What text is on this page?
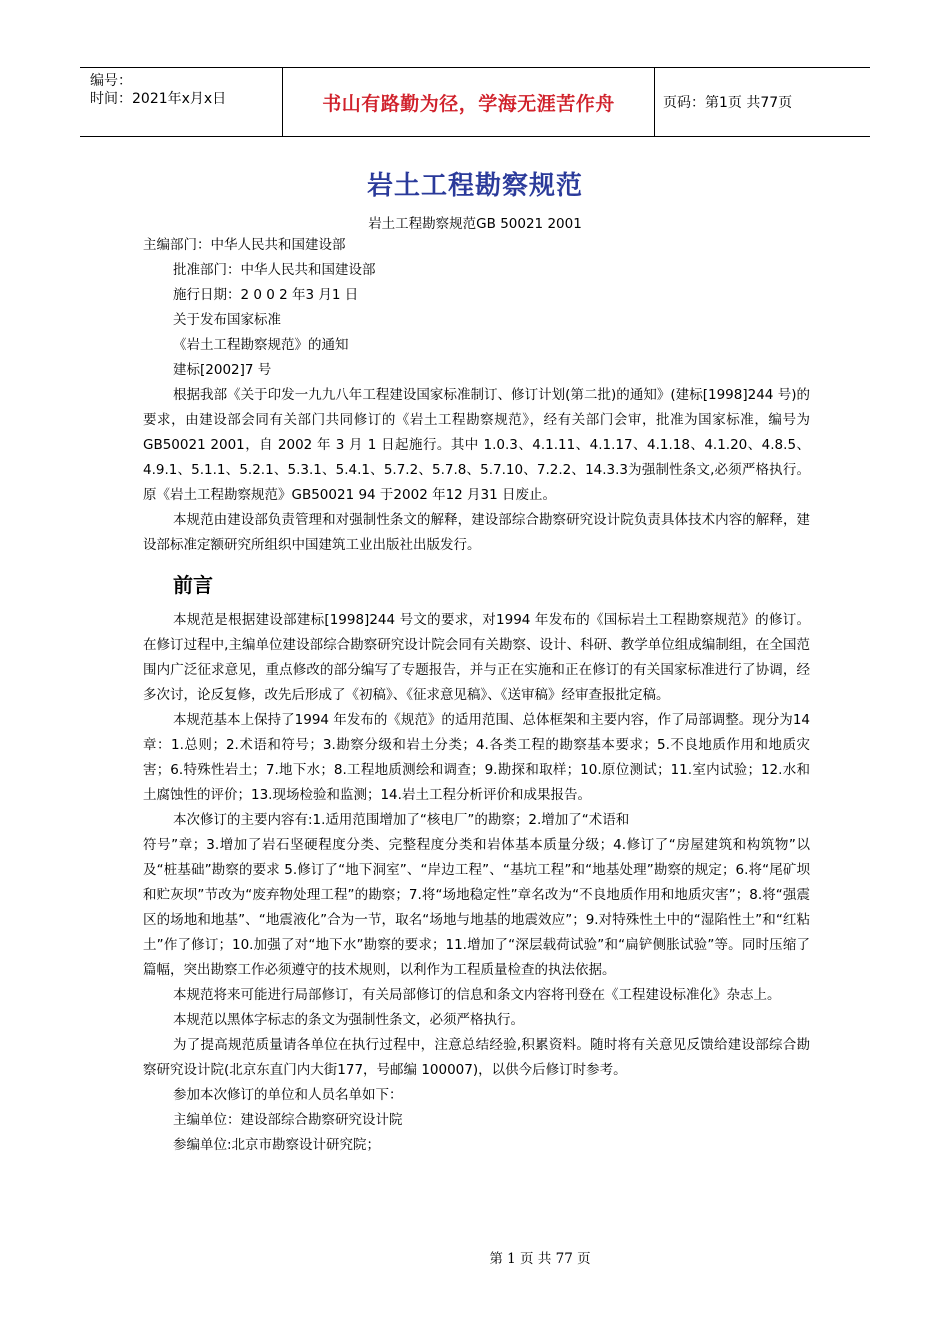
编号：
时间：2021年x月x日	书山有路勤为径，学海无涯苦作舟	页码：第1页 共77页
岩土工程勘察规范
岩土工程勘察规范GB 50021 2001
主编部门：中华人民共和国建设部
批准部门：中华人民共和国建设部
施行日期：2 0 0 2 年3 月1 日
关于发布国家标准
《岩土工程勘察规范》的通知
建标[2002]7 号

根据我部《关于印发一九九八年工程建设国家标准制订、修订计划(第二批)的通知》(建标[1998]244 号)的要求，由建设部会同有关部门共同修订的《岩土工程勘察规范》，经有关部门会审，批准为国家标准，编号为 GB50021 2001，自 2002 年 3 月 1 日起施行。其中 1.0.3、4.1.11、4.1.17、4.1.18、4.1.20、4.8.5、4.9.1、5.1.1、5.2.1、5.3.1、5.4.1、5.7.2、5.7.8、5.7.10、7.2.2、14.3.3为强制性条文,必须严格执行。原《岩土工程勘察规范》GB50021 94 于2002 年12 月31 日废止。

本规范由建设部负责管理和对强制性条文的解释，建设部综合勘察研究设计院负责具体技术内容的解释，建设部标准定额研究所组织中国建筑工业出版社出版发行。

前言

本规范是根据建设部建标[1998]244 号文的要求，对1994 年发布的《国标岩土工程勘察规范》的修订。在修订过程中,主编单位建设部综合勘察研究设计院会同有关勘察、设计、科研、教学单位组成编制组，在全国范围内广泛征求意见，重点修改的部分编写了专题报告，并与正在实施和正在修订的有关国家标准进行了协调，经多次讨，论反复修，改先后形成了《初稿》、《征求意见稿》、《送审稿》经审查报批定稿。

本规范基本上保持了1994 年发布的《规范》的适用范围、总体框架和主要内容，作了局部调整。现分为14 章：1.总则；2.术语和符号；3.勘察分级和岩土分类；4.各类工程的勘察基本要求；5.不良地质作用和地质灾害；6.特殊性岩土；7.地下水；8.工程地质测绘和调查；9.勘探和取样；10.原位测试；11.室内试验；12.水和土腐蚀性的评价；13.现场检验和监测；14.岩土工程分析评价和成果报告。

本次修订的主要内容有:1.适用范围增加了“核电厂”的勘察；2.增加了“术语和

符号”章；3.增加了岩石坚硬程度分类、完整程度分类和岩体基本质量分级；4.修订了“房屋建筑和构筑物”以及“桩基础”勘察的要求 5.修订了“地下洞室”、“岸边工程”、“基坑工程”和“地基处理”勘察的规定；6.将“尾矿坝和贮灰坝”节改为“废弃物处理工程”的勘察；7.将“场地稳定性”章名改为“不良地质作用和地质灾害”；8.将“强震区的场地和地基”、“地震液化”合为一节，取名“场地与地基的地震效应”；9.对特殊性土中的“湿陷性土”和“红粘土”作了修订；10.加强了对“地下水”勘察的要求；11.增加了“深层载荷试验”和“扁铲侧胀试验”等。同时压缩了篇幅，突出勘察工作必须遵守的技术规则，以利作为工程质量检查的执法依据。

本规范将来可能进行局部修订，有关局部修订的信息和条文内容将刊登在《工程建设标准化》杂志上。

本规范以黑体字标志的条文为强制性条文，必须严格执行。

为了提高规范质量请各单位在执行过程中，注意总结经验,积累资料。随时将有关意见反馈给建设部综合勘察研究设计院(北京东直门内大街177，号邮编 100007)，以供今后修订时参考。

参加本次修订的单位和人员名单如下：

主编单位：建设部综合勘察研究设计院

参编单位:北京市勘察设计研究院；

第 1 页 共 77 页
